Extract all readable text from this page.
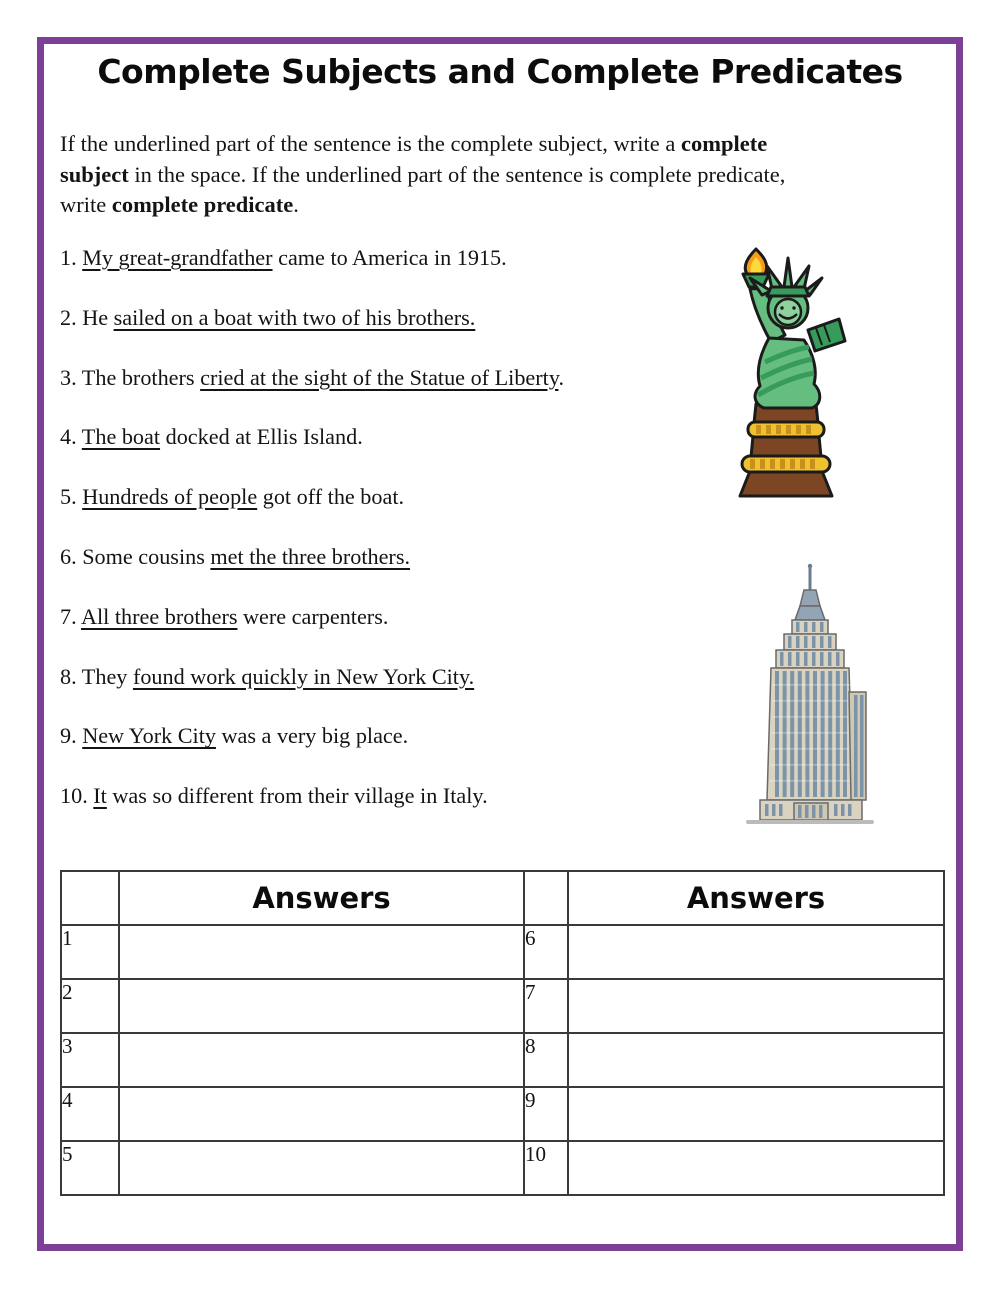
Complete Subjects and Complete Predicates
If the underlined part of the sentence is the complete subject, write a complete
subject in the space. If the underlined part of the sentence is complete predicate,
write complete predicate.
1. My great-grandfather came to America in 1915.
2. He sailed on a boat with two of his brothers.
3. The brothers cried at the sight of the Statue of Liberty.
4. The boat docked at Ellis Island.
5. Hundreds of people got off the boat.
6. Some cousins met the three brothers.
7. All three brothers were carpenters.
8. They found work quickly in New York City.
9. New York City was a very big place.
10. It was so different from their village in Italy.
	Answers		Answers
1		6	
2		7	
3		8	
4		9	
5		10	
